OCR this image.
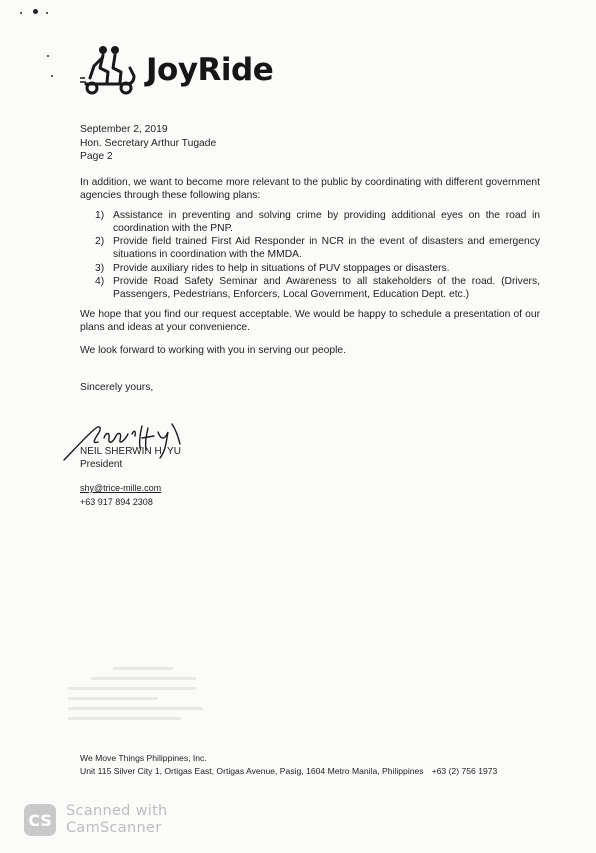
JoyRide
September 2, 2019
Hon. Secretary Arthur Tugade
Page 2

In addition, we want to become more relevant to the public by coordinating with different government agencies through these following plans:

1) Assistance in preventing and solving crime by providing additional eyes on the road in coordination with the PNP.
2) Provide field trained First Aid Responder in NCR in the event of disasters and emergency situations in coordination with the MMDA.
3) Provide auxiliary rides to help in situations of PUV stoppages or disasters.
4) Provide Road Safety Seminar and Awareness to all stakeholders of the road. (Drivers, Passengers, Pedestrians, Enforcers, Local Government, Education Dept. etc.)

We hope that you find our request acceptable. We would be happy to schedule a presentation of our plans and ideas at your convenience.

We look forward to working with you in serving our people.

Sincerely yours,
NEIL SHERWIN H. YU
President
shy@trice-mille.com
+63 917 894 2308
We Move Things Philippines, Inc.
Unit 115 Silver City 1, Ortigas East, Ortigas Avenue, Pasig, 1604 Metro Manila, Philippines +63 (2) 756 1973
CS Scanned with
CamScanner
